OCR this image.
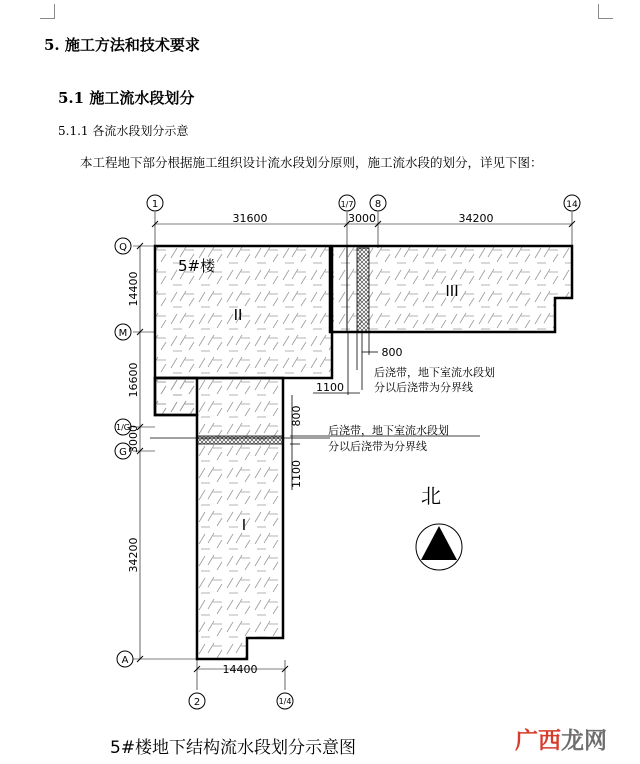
5. 施工方法和技术要求
5.1 施工流水段划分
5.1.1 各流水段划分示意
本工程地下部分根据施工组织设计流水段划分原则，施工流水段的划分，详见下图：
1	1/7 8	14
Q
M
1/G
G
A
2	1/4
31600	3000	34200
14400
16600
3000
34200
14400
800
1100
800
1100
5#楼
II
III
I
后浇带，地下室流水段划
分以后浇带为分界线
后浇带，地下室流水段划
分以后浇带为分界线
北
5#楼地下结构流水段划分示意图	广西龙网
